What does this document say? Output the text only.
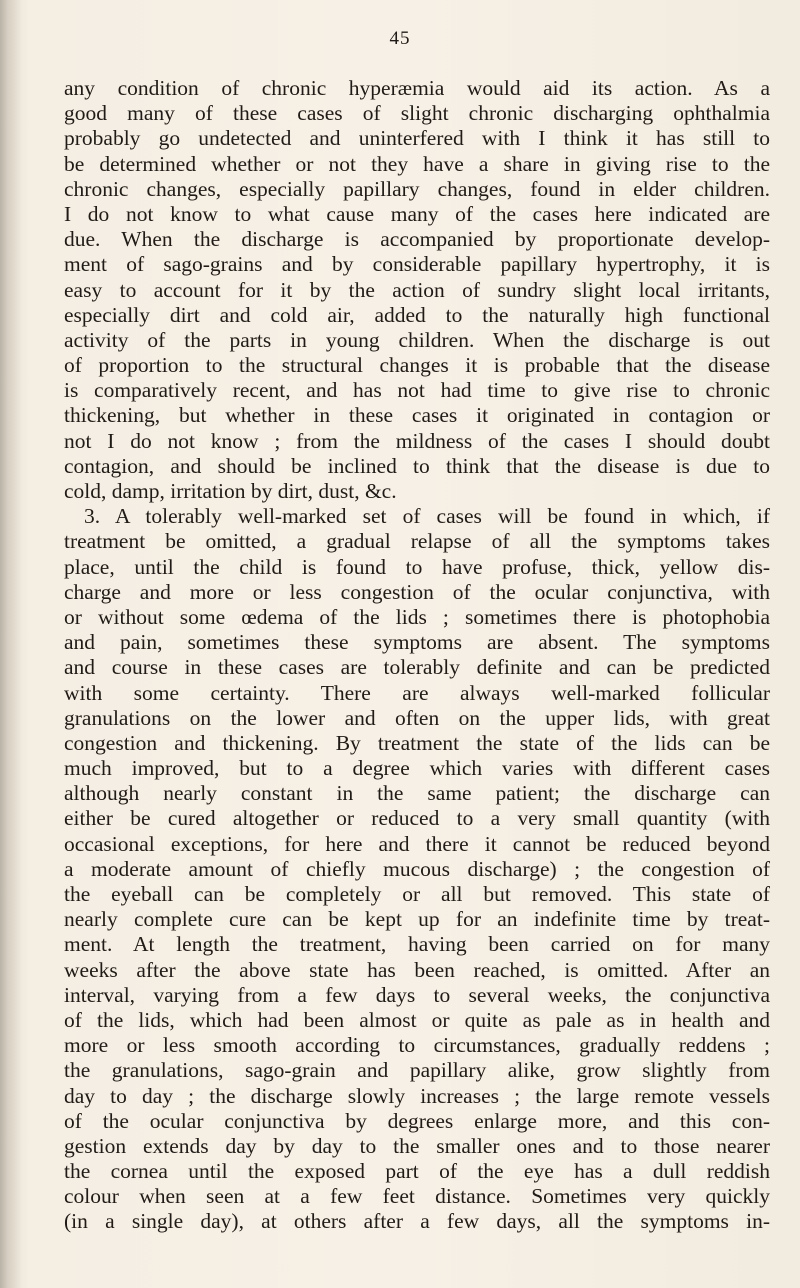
45
any condition of chronic hyperæmia would aid its action. As a
good many of these cases of slight chronic discharging ophthalmia
probably go undetected and uninterfered with I think it has still to
be determined whether or not they have a share in giving rise to the
chronic changes, especially papillary changes, found in elder children.
I do not know to what cause many of the cases here indicated are
due. When the discharge is accompanied by proportionate develop-
ment of sago-grains and by considerable papillary hypertrophy, it is
easy to account for it by the action of sundry slight local irritants,
especially dirt and cold air, added to the naturally high functional
activity of the parts in young children. When the discharge is out
of proportion to the structural changes it is probable that the disease
is comparatively recent, and has not had time to give rise to chronic
thickening, but whether in these cases it originated in contagion or
not I do not know ; from the mildness of the cases I should doubt
contagion, and should be inclined to think that the disease is due to
cold, damp, irritation by dirt, dust, &c.
3. A tolerably well-marked set of cases will be found in which, if
treatment be omitted, a gradual relapse of all the symptoms takes
place, until the child is found to have profuse, thick, yellow dis-
charge and more or less congestion of the ocular conjunctiva, with
or without some œdema of the lids ; sometimes there is photophobia
and pain, sometimes these symptoms are absent. The symptoms
and course in these cases are tolerably definite and can be predicted
with some certainty. There are always well-marked follicular
granulations on the lower and often on the upper lids, with great
congestion and thickening. By treatment the state of the lids can be
much improved, but to a degree which varies with different cases
although nearly constant in the same patient; the discharge can
either be cured altogether or reduced to a very small quantity (with
occasional exceptions, for here and there it cannot be reduced beyond
a moderate amount of chiefly mucous discharge) ; the congestion of
the eyeball can be completely or all but removed. This state of
nearly complete cure can be kept up for an indefinite time by treat-
ment. At length the treatment, having been carried on for many
weeks after the above state has been reached, is omitted. After an
interval, varying from a few days to several weeks, the conjunctiva
of the lids, which had been almost or quite as pale as in health and
more or less smooth according to circumstances, gradually reddens ;
the granulations, sago-grain and papillary alike, grow slightly from
day to day ; the discharge slowly increases ; the large remote vessels
of the ocular conjunctiva by degrees enlarge more, and this con-
gestion extends day by day to the smaller ones and to those nearer
the cornea until the exposed part of the eye has a dull reddish
colour when seen at a few feet distance. Sometimes very quickly
(in a single day), at others after a few days, all the symptoms in-
